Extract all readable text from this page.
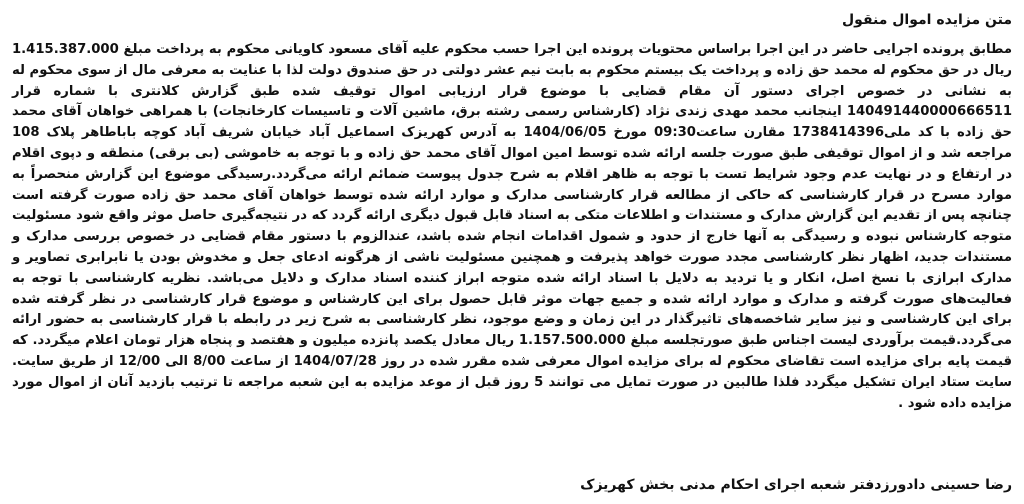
متن مزایده اموال منقول

مطابق پرونده اجرایی حاضر در این اجرا براساس محتویات پرونده این اجرا حسب محکوم علیه آقای مسعود کاویانی محکوم به پرداخت مبلغ 1.415.387.000 ریال در حق محکوم له محمد حق زاده و پرداخت یک بیستم محکوم به بابت نیم عشر دولتی در حق صندوق دولت لذا با عنایت به معرفی مال از سوی محکوم له به نشانی در خصوص اجرای دستور آن مقام قضایی با موضوع قرار ارزیابی اموال توقیف شده طبق گزارش کلانتری با شماره قرار 140491440000666511 اینجانب محمد مهدی زندی نژاد (کارشناس رسمی رشته برق، ماشین آلات و تاسیسات کارخانجات) با همراهی خواهان آقای محمد حق زاده با کد ملی1738414396 مقارن ساعت09:30 مورخ 1404/06/05 به آدرس کهریزک اسماعیل آباد خیابان شریف آباد کوچه باباطاهر پلاک 108 مراجعه شد و از اموال توقیفی طبق صورت جلسه ارائه شده توسط امین اموال آقای محمد حق زاده و با توجه به خاموشی (بی برقی) منطقه و دپوی اقلام در ارتفاع و در نهایت عدم وجود شرایط تست با توجه به ظاهر اقلام به شرح جدول پیوست ضمائم ارائه می‌گردد.رسیدگی موضوع این گزارش منحصراً به موارد مسرح در قرار کارشناسی که حاکی از مطالعه قرار کارشناسی مدارک و موارد ارائه شده توسط خواهان آقای محمد حق زاده صورت گرفته است چنانچه پس از تقدیم این گزارش مدارک و مستندات و اطلاعات متکی به اسناد قابل قبول دیگری ارائه گردد که در نتیجه‌گیری حاصل موثر واقع شود مسئولیت متوجه کارشناس نبوده و رسیدگی به آنها خارج از حدود و شمول اقدامات انجام شده باشد، عندالزوم با دستور مقام قضایی در خصوص بررسی مدارک و مستندات جدید، اظهار نظر کارشناسی مجدد صورت خواهد پذیرفت و همچنین مسئولیت ناشی از هرگونه ادعای جعل و مخدوش بودن یا نابرابری تصاویر و مدارک ابرازی با نسخ اصل، انکار و یا تردید به دلایل با اسناد ارائه شده متوجه ابراز کننده اسناد مدارک و دلایل می‌باشد. نظریه کارشناسی با توجه به فعالیت‌های صورت گرفته و مدارک و موارد ارائه شده و جمیع جهات موثر قابل حصول برای این کارشناس و موضوع قرار کارشناسی در نظر گرفته شده برای این کارشناسی و نیز سایر شاخصه‌های تاثیرگذار در این زمان و وضع موجود، نظر کارشناسی به شرح زیر در رابطه با قرار کارشناسی به حضور ارائه می‌گردد.قیمت برآوردی لیست اجناس طبق صورتجلسه مبلغ 1.157.500.000 ریال معادل یکصد پانزده میلیون و هفتصد و پنجاه هزار تومان اعلام میگردد. که قیمت پایه برای مزایده است تقاضای محکوم له برای مزایده اموال معرفی شده مقرر شده در روز 1404/07/28 از ساعت 8/00 الی 12/00 از طریق سایت. سایت ستاد ایران تشکیل میگردد فلذا طالبین در صورت تمایل می توانند 5 روز قبل از موعد مزایده به این شعبه مراجعه تا ترتیب بازدید آنان از اموال مورد مزایده داده شود .

رضا حسینی دادورزدفتر شعبه اجرای احکام مدنی بخش کهریزک
